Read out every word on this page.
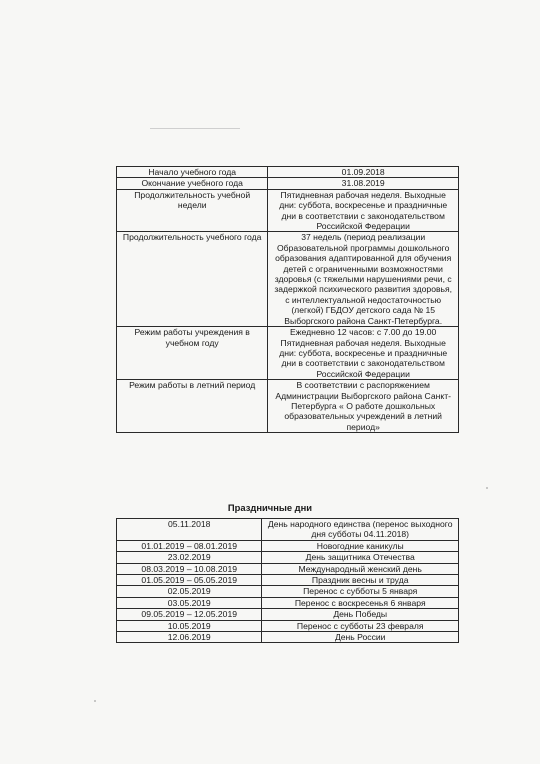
Начало учебного года	01.09.2018
Окончание учебного года	31.08.2019
Продолжительность учебной недели	Пятидневная рабочая неделя. Выходные дни: суббота, воскресенье и праздничные дни в соответствии с законодательством Российской Федерации
Продолжительность учебного года	37 недель (период реализации Образовательной программы дошкольного образования адаптированной для обучения детей с ограниченными возможностями здоровья (с тяжелыми нарушениями речи, с задержкой психического развития здоровья, с интеллектуальной недостаточностью (легкой) ГБДОУ детского сада № 15 Выборгского района Санкт-Петербурга.
Режим работы учреждения в учебном году	Ежедневно 12 часов: с 7.00 до 19.00 Пятидневная рабочая неделя. Выходные дни: суббота, воскресенье и праздничные дни в соответствии с законодательством Российской Федерации
Режим работы в летний период	В соответствии с распоряжением Администрации Выборгского района Санкт-Петербурга « О работе дошкольных образовательных учреждений в летний период»
Праздничные дни
05.11.2018	День народного единства (перенос выходного дня субботы 04.11.2018)
01.01.2019 – 08.01.2019	Новогодние каникулы
23.02.2019	День защитника Отечества
08.03.2019 – 10.08.2019	Международный женский день
01.05.2019 – 05.05.2019	Праздник весны и труда
02.05.2019	Перенос с субботы 5 января
03.05.2019	Перенос с воскресенья 6 января
09.05.2019 – 12.05.2019	День Победы
10.05.2019	Перенос с субботы 23 февраля
12.06.2019	День России
